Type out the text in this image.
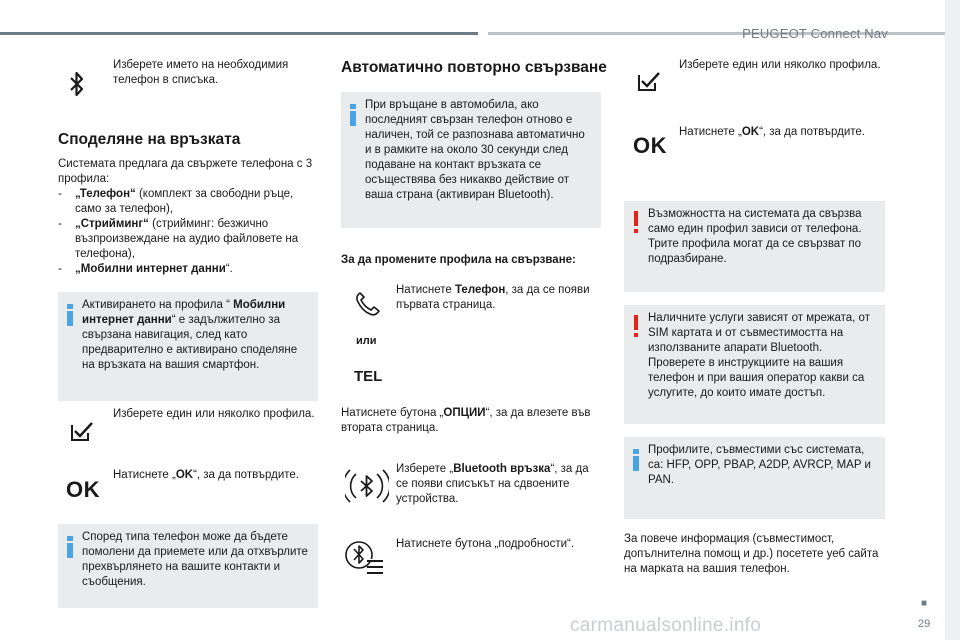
PEUGEOT Connect Nav
■
29
carmanualsonline.info
Изберете името на необходимия телефон в списъка.
Споделяне на връзката
Системата предлага да свържете телефона с 3 профила:
-	„Телефон“ (комплект за свободни ръце, само за телефон),
-	„Стрийминг“ (стрийминг: безжично възпроизвеждане на аудио файловете на телефона),
-	„Мобилни интернет данни“.
Активирането на профила “ Мобилни интернет данни“ е задължително за свързана навигация, след като предварително е активирано споделяне на връзката на вашия смартфон.
Изберете един или няколко профила.
OK
Натиснете „OK“, за да потвърдите.
Според типа телефон може да бъдете помолени да приемете или да отхвърлите прехвърлянето на вашите контакти и съобщения.
Автоматично повторно свързване
При връщане в автомобила, ако последният свързан телефон отново е наличен, той се разпознава автоматично и в рамките на около 30 секунди след подаване на контакт връзката се осъществява без никакво действие от ваша страна (активиран Bluetooth).
За да промените профила на свързване:
Натиснете Телефон, за да се появи първата страница.
или
TEL
Натиснете бутона „ОПЦИИ“, за да влезете във втората страница.
Изберете „Bluetooth връзка“, за да се появи списъкът на сдвоените устройства.
Натиснете бутона „подробности“.
Изберете един или няколко профила.
OK
Натиснете „OK“, за да потвърдите.
Възможността на системата да свързва само един профил зависи от телефона. Трите профила могат да се свързват по подразбиране.
Наличните услуги зависят от мрежата, от SIM картата и от съвместимостта на използваните апарати Bluetooth. Проверете в инструкциите на вашия телефон и при вашия оператор какви са услугите, до които имате достъп.
Профилите, съвместими със системата, са: HFP, OPP, PBAP, A2DP, AVRCP, MAP и PAN.
За повече информация (съвместимост, допълнителна помощ и др.) посетете уеб сайта на марката на вашия телефон.
